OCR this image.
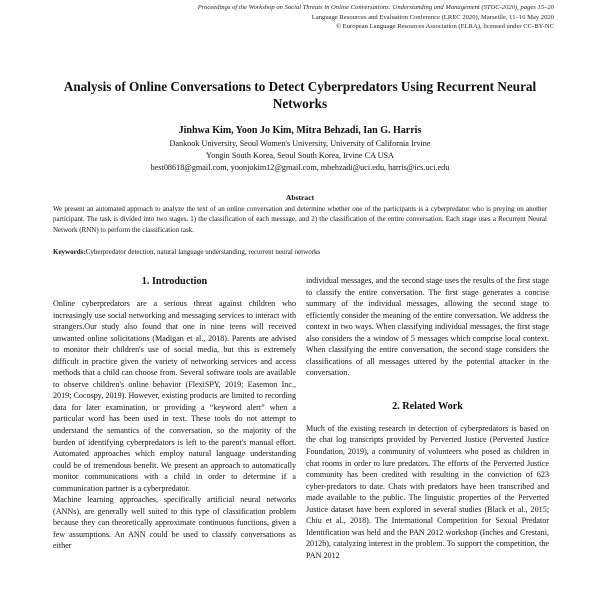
Proceedings of the Workshop on Social Threats in Online Conversations: Understanding and Management (STOC-2020), pages 15–20
Language Resources and Evaluation Conference (LREC 2020), Marseille, 11–16 May 2020
© European Language Resources Association (ELRA), licensed under CC-BY-NC
Analysis of Online Conversations to Detect Cyberpredators Using Recurrent Neural Networks
Jinhwa Kim, Yoon Jo Kim, Mitra Behzadi, Ian G. Harris
Dankook University, Seoul Women's University, University of California Irvine
Yongin South Korea, Seoul South Korea, Irvine CA USA
best08618@gmail.com, yoonjokim12@gmail.com, mbehzadi@uci.edu, harris@ics.uci.edu
Abstract
We present an automated approach to analyze the text of an online conversation and determine whether one of the participants is a cyberpredator who is preying on another participant. The task is divided into two stages, 1) the classification of each message, and 2) the classification of the entire conversation. Each stage uses a Recurrent Neural Network (RNN) to perform the classification task.
Keywords:Cyberpredator detection, natural language understanding, recurrent neural networks
1. Introduction

Online cyberpredators are a serious threat against children who increasingly use social networking and messaging services to interact with strangers.Our study also found that one in nine teens will received unwanted online solicitations (Madigan et al., 2018). Parents are advised to monitor their children's use of social media, but this is extremely difficult in practice given the variety of networking services and access methods that a child can choose from. Several software tools are available to observe children's online behavior (FlexiSPY, 2019; Easemon Inc., 2019; Cocospy, 2019). However, existing products are limited to recording data for later examination, or providing a “keyword alert” when a particular word has been used in text. These tools do not attempt to understand the semantics of the conversation, so the majority of the burden of identifying cyberpredators is left to the parent's manual effort. Automated approaches which employ natural language understanding could be of tremendous benefit. We present an approach to automatically monitor communications with a child in order to determine if a communication partner is a cyberpredator.

Machine learning approaches, specifically artificial neural networks (ANNs), are generally well suited to this type of classification problem because they can theoretically approximate continuous functions, given a few assumptions. An ANN could be used to classify conversations as either

individual messages, and the second stage uses the results of the first stage to classify the entire conversation. The first stage generates a concise summary of the individual messages, allowing the second stage to efficiently consider the meaning of the entire conversation. We address the context in two ways. When classifying individual messages, the first stage also considers the a window of 5 messages which comprise local context. When classifying the entire conversation, the second stage considers the classifications of all messages uttered by the potential attacker in the conversation.

2. Related Work

Much of the existing research in detection of cyberpredators is based on the chat log transcripts provided by Perverted Justice (Perverted Justice Foundation, 2019), a community of volunteers who posed as children in chat rooms in order to lure predators. The efforts of the Perverted Justice community has been credited with resulting in the conviction of 623 cyber-predators to date. Chats with predators have been transcribed and made available to the public. The linguistic properties of the Perverted Justice dataset have been explored in several studies (Black et al., 2015; Chiu et al., 2018). The International Competition for Sexual Predator Identification was held and the PAN 2012 workshop (Inches and Crestani, 2012b), catalyzing interest in the problem. To support the competition, the PAN 2012
